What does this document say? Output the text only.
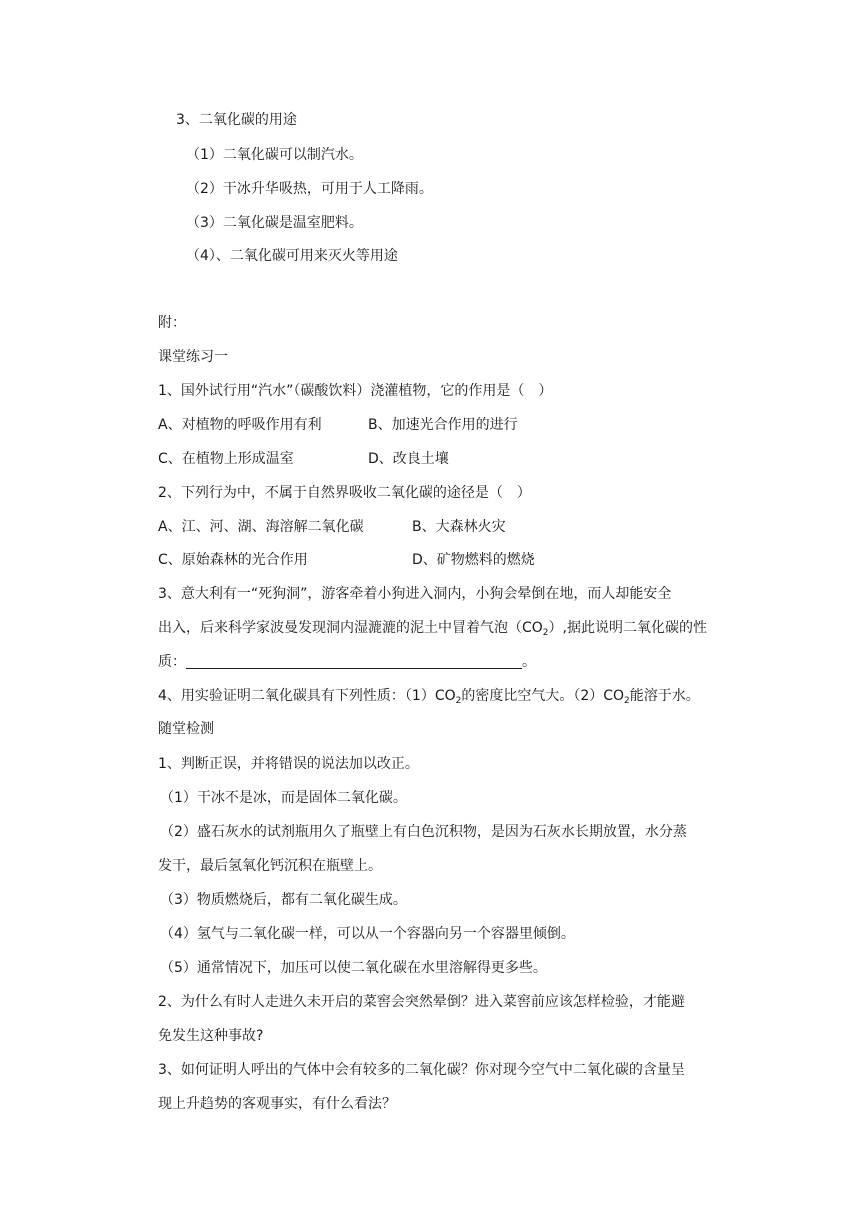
3、二氧化碳的用途
（1）二氧化碳可以制汽水。
（2）干冰升华吸热，可用于人工降雨。
（3）二氧化碳是温室肥料。
（4）、二氧化碳可用来灭火等用途
附：
课堂练习一
1、国外试行用“汽水”（碳酸饮料）浇灌植物，它的作用是（　）
A、对植物的呼吸作用有利	B、加速光合作用的进行
C、在植物上形成温室	D、改良土壤
2、下列行为中，不属于自然界吸收二氧化碳的途径是（　）
A、江、河、湖、海溶解二氧化碳	B、大森林火灾
C、原始森林的光合作用	D、矿物燃料的燃烧
3、意大利有一“死狗洞”，游客牵着小狗进入洞内，小狗会晕倒在地，而人却能安全
出入，后来科学家波曼发现洞内湿漉漉的泥土中冒着气泡$(CO_2)$,据此说明二氧化碳的性
质：	。
4、用实验证明二氧化碳具有下列性质：$(1)CO_2$的密度比空气大。$(2)CO_2$能溶于水。
随堂检测
1、判断正误，并将错误的说法加以改正。
（1）干冰不是冰，而是固体二氧化碳。
（2）盛石灰水的试剂瓶用久了瓶壁上有白色沉积物，是因为石灰水长期放置，水分蒸
发干，最后氢氧化钙沉积在瓶壁上。
（3）物质燃烧后，都有二氧化碳生成。
（4）氢气与二氧化碳一样，可以从一个容器向另一个容器里倾倒。
（5）通常情况下，加压可以使二氧化碳在水里溶解得更多些。
2、为什么有时人走进久未开启的菜窖会突然晕倒？进入菜窖前应该怎样检验，才能避
免发生这种事故?
3、如何证明人呼出的气体中会有较多的二氧化碳？你对现今空气中二氧化碳的含量呈
现上升趋势的客观事实，有什么看法？
